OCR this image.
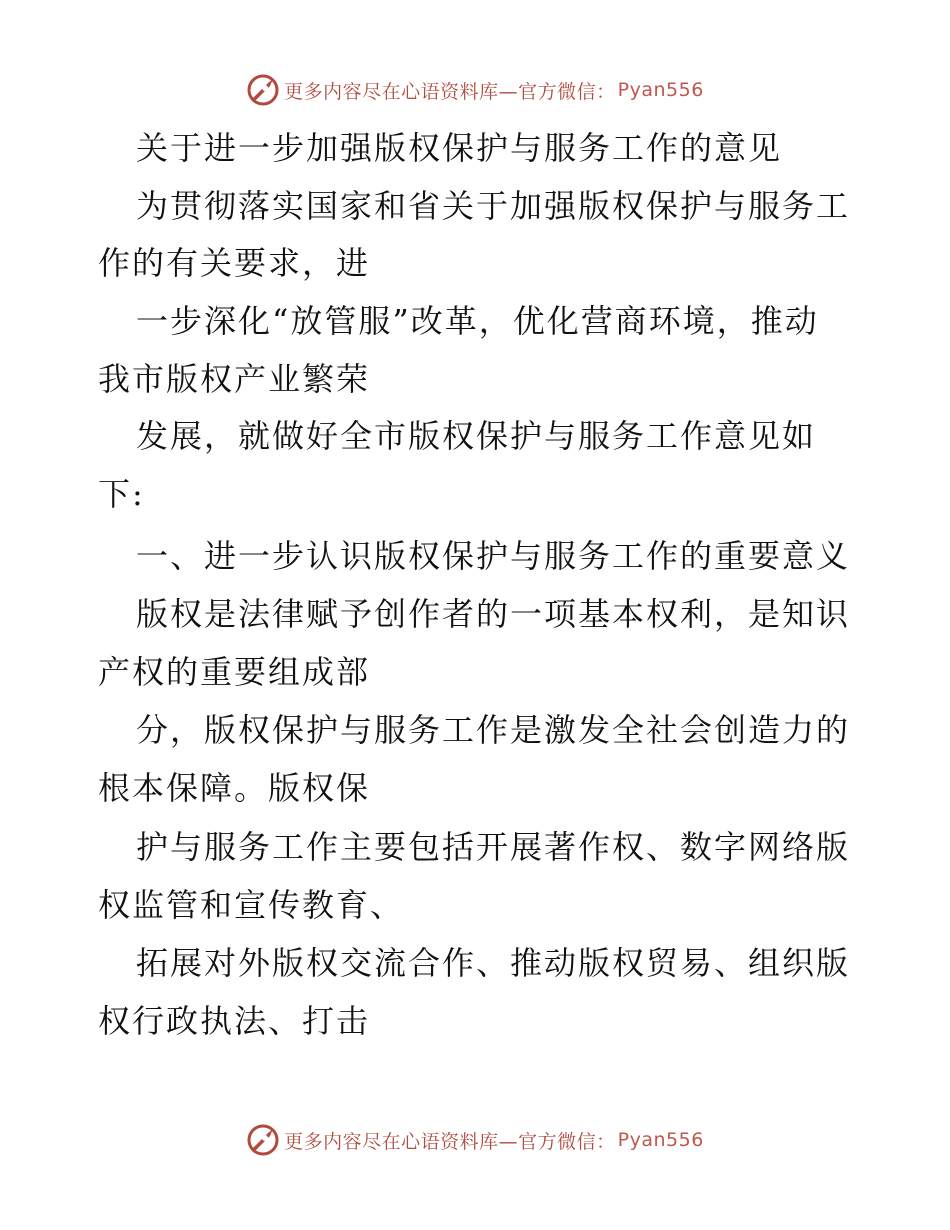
更多内容尽在心语资料库—官方微信： Pyan556
关于进一步加强版权保护与服务工作的意见
为贯彻落实国家和省关于加强版权保护与服务工
作的有关要求，进
一步深化“放管服”改革，优化营商环境，推动
我市版权产业繁荣
发展，就做好全市版权保护与服务工作意见如
下:
一、进一步认识版权保护与服务工作的重要意义
版权是法律赋予创作者的一项基本权利，是知识
产权的重要组成部
分，版权保护与服务工作是激发全社会创造力的
根本保障。版权保
护与服务工作主要包括开展著作权、数字网络版
权监管和宣传教育、
拓展对外版权交流合作、推动版权贸易、组织版
权行政执法、打击
更多内容尽在心语资料库—官方微信： Pyan556
